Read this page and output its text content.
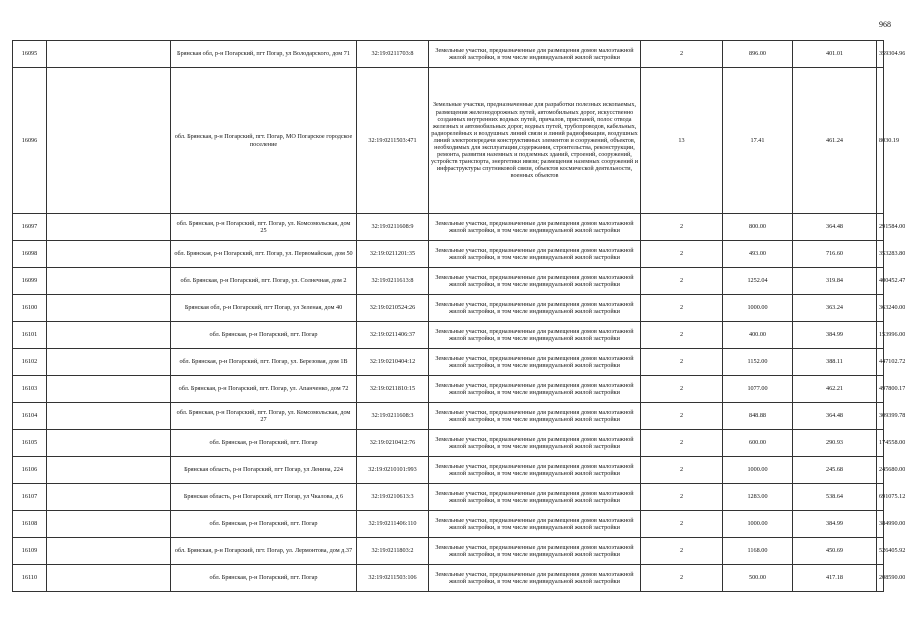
968
16095		Брянская обл, р-н Погарский, пгт Погар, ул Володарского, дом 71	32:19:0211703:8	Земельные участки, предназначенные для размещения домов малоэтажной жилой застройки, в том числе индивидуальной жилой застройки	2	896.00	401.01	359304.96
16096		обл. Брянская, р-н Погарский, пгт. Погар, МО Погарское городское поселение	32:19:0211503:471	Земельные участки, предназначенные для разработки полезных ископаемых, размещения железнодорожных путей, автомобильных дорог, искусственно созданных внутренних водных путей, причалов, пристаней, полос отвода железных и автомобильных дорог, водных путей, трубопроводов, кабельных, радиорелейных и воздушных линий связи и линий радиофикации, воздушных линий электропередачи конструктивных элементов и сооружений, объектов, необходимых для эксплуатации,содержания, строительства, реконструкции, ремонта, развития наземных и подземных зданий, строений, сооружений, устройств транспорта, энергетики ивязи; размещения наземных сооружений и инфраструктуры спутниковой связи, объектов космической деятельности, военных объектов	13	17.41	461.24	8030.19
16097		обл. Брянская, р-н Погарский, пгт. Погар, ул. Комсомольская, дом 25	32:19:0211608:9	Земельные участки, предназначенные для размещения домов малоэтажной жилой застройки, в том числе индивидуальной жилой застройки	2	800.00	364.48	291584.00
16098		обл. Брянская, р-н Погарский, пгт. Погар, ул. Первомайская, дом 50	32:19:0211201:35	Земельные участки, предназначенные для размещения домов малоэтажной жилой застройки, в том числе индивидуальной жилой застройки	2	493.00	716.60	353283.80
16099		обл. Брянская, р-н Погарский, пгт. Погар, ул. Солнечная, дом 2	32:19:0211613:8	Земельные участки, предназначенные для размещения домов малоэтажной жилой застройки, в том числе индивидуальной жилой застройки	2	1252.04	319.84	400452.47
16100		Брянская обл, р-н Погарский, пгт Погар, ул Зеленая, дом 40	32:19:0210524:26	Земельные участки, предназначенные для размещения домов малоэтажной жилой застройки, в том числе индивидуальной жилой застройки	2	1000.00	363.24	363240.00
16101		обл. Брянская, р-н Погарский, пгт. Погар	32:19:0211406:37	Земельные участки, предназначенные для размещения домов малоэтажной жилой застройки, в том числе индивидуальной жилой застройки	2	400.00	384.99	153996.00
16102		обл. Брянская, р-н Погарский, пгт. Погар, ул. Березовая, дом 1В	32:19:0210404:12	Земельные участки, предназначенные для размещения домов малоэтажной жилой застройки, в том числе индивидуальной жилой застройки	2	1152.00	388.11	447102.72
16103		обл. Брянская, р-н Погарский, пгт. Погар, ул. Апанченко, дом 72	32:19:0211810:15	Земельные участки, предназначенные для размещения домов малоэтажной жилой застройки, в том числе индивидуальной жилой застройки	2	1077.00	462.21	497800.17
16104		обл. Брянская, р-н Погарский, пгт. Погар, ул. Комсомольская, дом 27	32:19:0211608:3	Земельные участки, предназначенные для размещения домов малоэтажной жилой застройки, в том числе индивидуальной жилой застройки	2	848.88	364.48	309399.78
16105		обл. Брянская, р-н Погарский, пгт. Погар	32:19:0210412:76	Земельные участки, предназначенные для размещения домов малоэтажной жилой застройки, в том числе индивидуальной жилой застройки	2	600.00	290.93	174558.00
16106		Брянская область, р-н Погарский, пгт Погар, ул Ленина, 224	32:19:0210101:993	Земельные участки, предназначенные для размещения домов малоэтажной жилой застройки, в том числе индивидуальной жилой застройки	2	1000.00	245.68	245680.00
16107		Брянская область, р-н Погарский, пгт Погар, ул Чкалова, д 6	32:19:0210613:3	Земельные участки, предназначенные для размещения домов малоэтажной жилой застройки, в том числе индивидуальной жилой застройки	2	1283.00	538.64	691075.12
16108		обл. Брянская, р-н Погарский, пгт. Погар	32:19:0211406:110	Земельные участки, предназначенные для размещения домов малоэтажной жилой застройки, в том числе индивидуальной жилой застройки	2	1000.00	384.99	384990.00
16109		обл. Брянская, р-н Погарский, пгт. Погар, ул. Лермонтова, дом д.37	32:19:0211803:2	Земельные участки, предназначенные для размещения домов малоэтажной жилой застройки, в том числе индивидуальной жилой застройки	2	1168.00	450.69	526405.92
16110		обл. Брянская, р-н Погарский, пгт. Погар	32:19:0211503:106	Земельные участки, предназначенные для размещения домов малоэтажной жилой застройки, в том числе индивидуальной жилой застройки	2	500.00	417.18	208590.00
